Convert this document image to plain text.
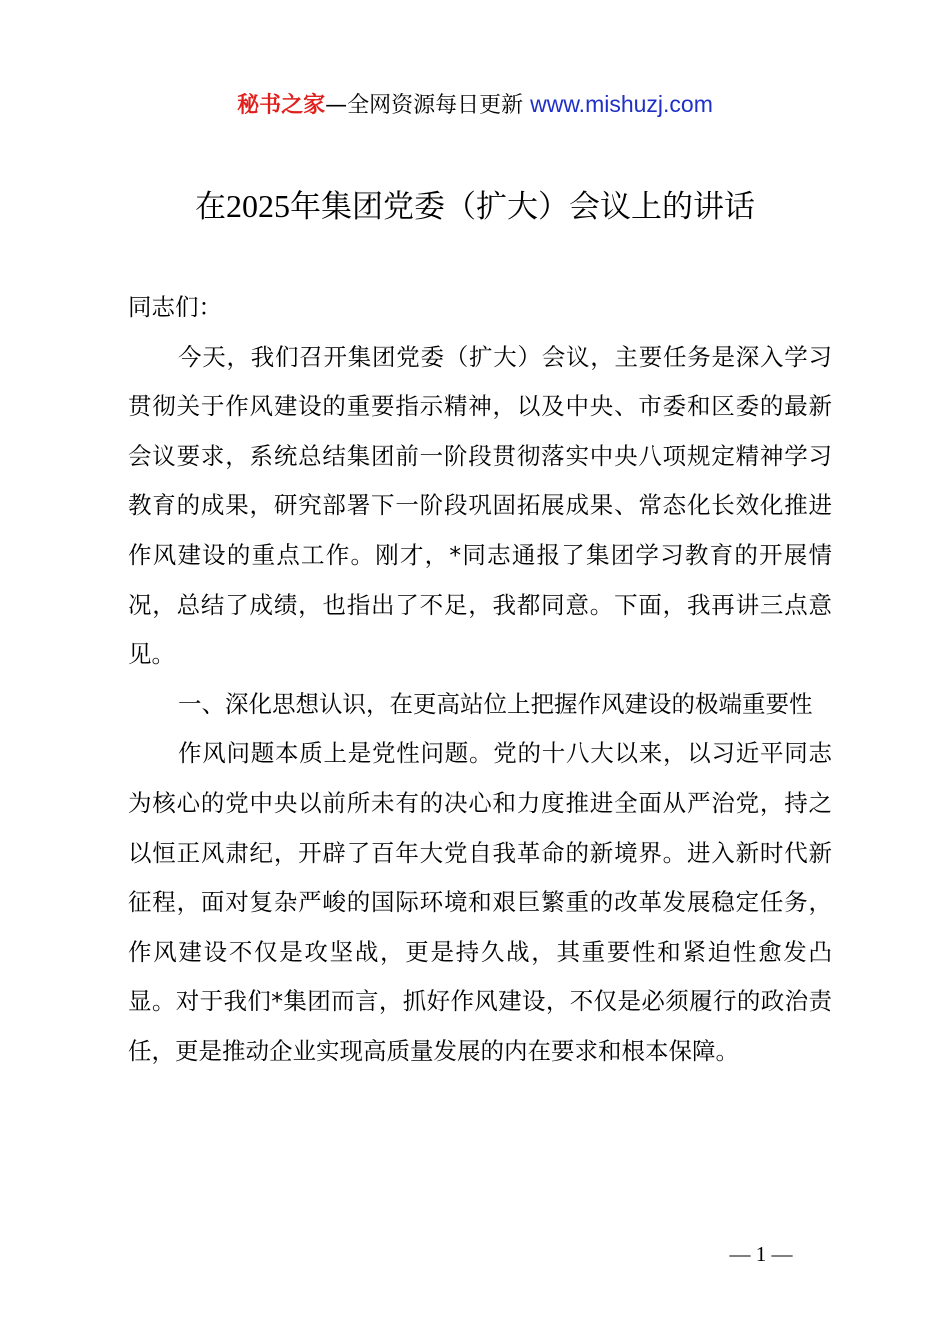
秘书之家—全网资源每日更新 www.mishuzj.com
在2025年集团党委（扩大）会议上的讲话

同志们：

今天，我们召开集团党委（扩大）会议，主要任务是深入学习贯彻关于作风建设的重要指示精神，以及中央、市委和区委的最新会议要求，系统总结集团前一阶段贯彻落实中央八项规定精神学习教育的成果，研究部署下一阶段巩固拓展成果、常态化长效化推进作风建设的重点工作。刚才，*同志通报了集团学习教育的开展情况，总结了成绩，也指出了不足，我都同意。下面，我再讲三点意见。

一、深化思想认识，在更高站位上把握作风建设的极端重要性

作风问题本质上是党性问题。党的十八大以来，以习近平同志为核心的党中央以前所未有的决心和力度推进全面从严治党，持之以恒正风肃纪，开辟了百年大党自我革命的新境界。进入新时代新征程，面对复杂严峻的国际环境和艰巨繁重的改革发展稳定任务，作风建设不仅是攻坚战，更是持久战，其重要性和紧迫性愈发凸显。对于我们*集团而言，抓好作风建设，不仅是必须履行的政治责任，更是推动企业实现高质量发展的内在要求和根本保障。

— 1 —
